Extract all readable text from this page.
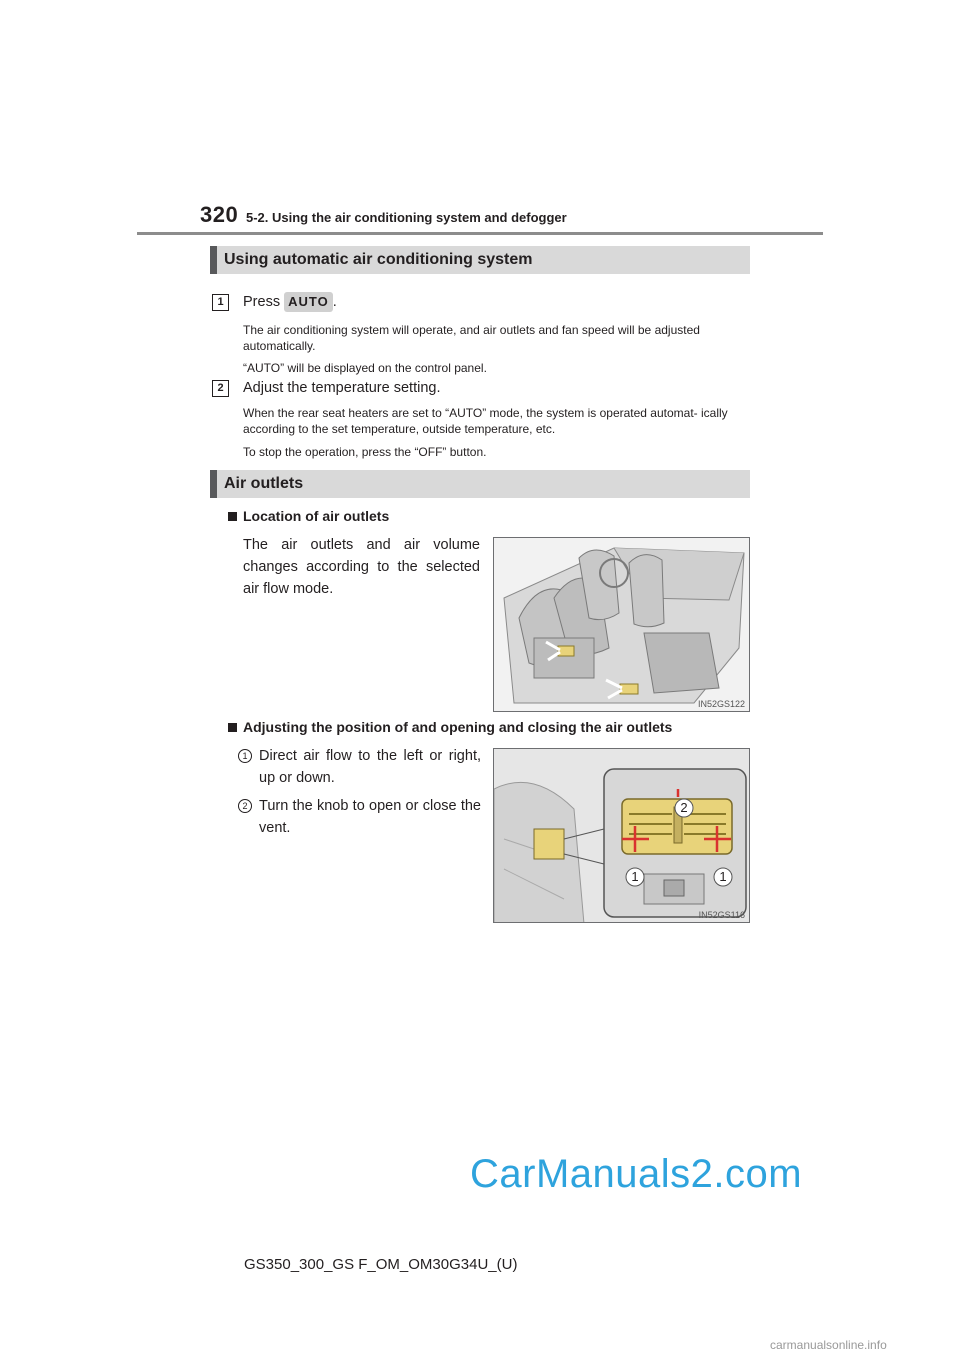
320 5-2. Using the air conditioning system and defogger
Using automatic air conditioning system
1	Press AUTO .
The air conditioning system will operate, and air outlets and fan speed will be adjusted automatically.
“AUTO” will be displayed on the control panel.
2	Adjust the temperature setting.
When the rear seat heaters are set to “AUTO” mode, the system is operated automat- ically according to the set temperature, outside temperature, etc.
To stop the operation, press the “OFF” button.
Air outlets
Location of air outlets
The air outlets and air volume changes according to the selected air flow mode.
IN52GS122
Adjusting the position of and opening and closing the air outlets
1 Direct air flow to the left or right, up or down.
2 Turn the knob to open or close the vent.
1	1
2
IN52GS116
CarManuals2.com
GS350_300_GS F_OM_OM30G34U_(U)
carmanualsonline.info
